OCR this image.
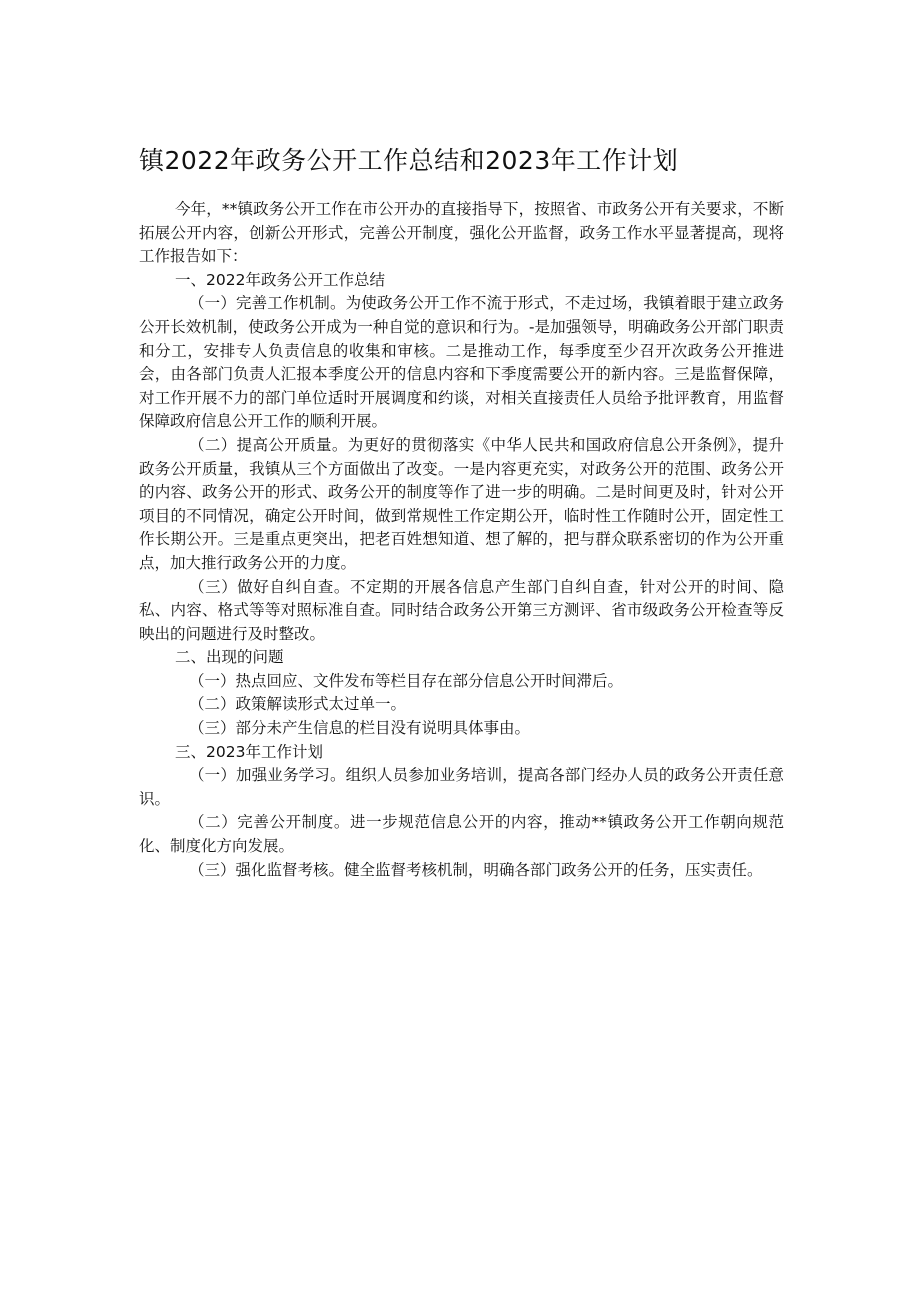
镇2022年政务公开工作总结和2023年工作计划

今年，**镇政务公开工作在市公开办的直接指导下，按照省、市政务公开有关要求，不断拓展公开内容，创新公开形式，完善公开制度，强化公开监督，政务工作水平显著提高，现将工作报告如下：

一、2022年政务公开工作总结

（一）完善工作机制。为使政务公开工作不流于形式，不走过场，我镇着眼于建立政务公开长效机制，使政务公开成为一种自觉的意识和行为。-是加强领导，明确政务公开部门职责和分工，安排专人负责信息的收集和审核。二是推动工作，每季度至少召开次政务公开推进会，由各部门负责人汇报本季度公开的信息内容和下季度需要公开的新内容。三是监督保障，对工作开展不力的部门单位适时开展调度和约谈，对相关直接责任人员给予批评教育，用监督保障政府信息公开工作的顺利开展。

（二）提高公开质量。为更好的贯彻落实《中华人民共和国政府信息公开条例》，提升政务公开质量，我镇从三个方面做出了改变。一是内容更充实，对政务公开的范围、政务公开的内容、政务公开的形式、政务公开的制度等作了进一步的明确。二是时间更及时，针对公开项目的不同情况，确定公开时间，做到常规性工作定期公开，临时性工作随时公开，固定性工作长期公开。三是重点更突出，把老百姓想知道、想了解的，把与群众联系密切的作为公开重点，加大推行政务公开的力度。

（三）做好自纠自查。不定期的开展各信息产生部门自纠自查，针对公开的时间、隐私、内容、格式等等对照标准自查。同时结合政务公开第三方测评、省市级政务公开检查等反映出的问题进行及时整改。

二、出现的问题

（一）热点回应、文件发布等栏目存在部分信息公开时间滞后。

（二）政策解读形式太过单一。

（三）部分未产生信息的栏目没有说明具体事由。

三、2023年工作计划

（一）加强业务学习。组织人员参加业务培训，提高各部门经办人员的政务公开责任意识。

（二）完善公开制度。进一步规范信息公开的内容，推动**镇政务公开工作朝向规范化、制度化方向发展。

（三）强化监督考核。健全监督考核机制，明确各部门政务公开的任务，压实责任。
